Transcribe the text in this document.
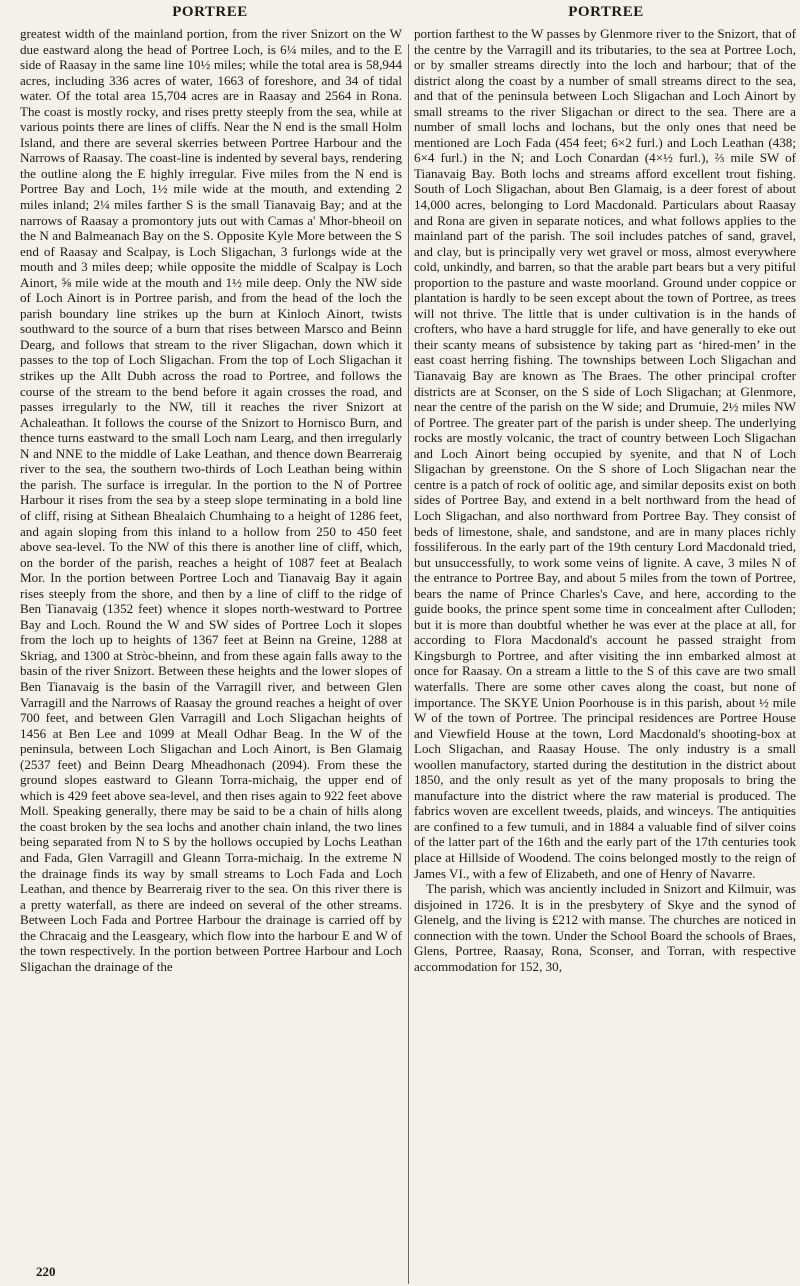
PORTREE	PORTREE

greatest width of the mainland portion, from the river Snizort on the W due eastward along the head of Portree Loch, is 6¼ miles, and to the E side of Raasay in the same line 10½ miles; while the total area is 58,944 acres, including 336 acres of water, 1663 of foreshore, and 34 of tidal water. Of the total area 15,704 acres are in Raasay and 2564 in Rona. The coast is mostly rocky, and rises pretty steeply from the sea, while at various points there are lines of cliffs. Near the N end is the small Holm Island, and there are several skerries between Portree Harbour and the Narrows of Raasay. The coast-line is indented by several bays, rendering the outline along the E highly irregular. Five miles from the N end is Portree Bay and Loch, 1½ mile wide at the mouth, and extending 2 miles inland; 2¼ miles farther S is the small Tianavaig Bay; and at the narrows of Raasay a promontory juts out with Camas a' Mhor-bheoil on the N and Balmeanach Bay on the S. Opposite Kyle More between the S end of Raasay and Scalpay, is Loch Sligachan, 3 furlongs wide at the mouth and 3 miles deep; while opposite the middle of Scalpay is Loch Ainort, ⅝ mile wide at the mouth and 1½ mile deep. Only the NW side of Loch Ainort is in Portree parish, and from the head of the loch the parish boundary line strikes up the burn at Kinloch Ainort, twists southward to the source of a burn that rises between Marsco and Beinn Dearg, and follows that stream to the river Sligachan, down which it passes to the top of Loch Sligachan. From the top of Loch Sligachan it strikes up the Allt Dubh across the road to Portree, and follows the course of the stream to the bend before it again crosses the road, and passes irregularly to the NW, till it reaches the river Snizort at Achaleathan. It follows the course of the Snizort to Hornisco Burn, and thence turns eastward to the small Loch nam Learg, and then irregularly N and NNE to the middle of Lake Leathan, and thence down Bearreraig river to the sea, the southern two-thirds of Loch Leathan being within the parish. The surface is irregular. In the portion to the N of Portree Harbour it rises from the sea by a steep slope terminating in a bold line of cliff, rising at Sithean Bhealaich Chumhaing to a height of 1286 feet, and again sloping from this inland to a hollow from 250 to 450 feet above sea-level. To the NW of this there is another line of cliff, which, on the border of the parish, reaches a height of 1087 feet at Bealach Mor. In the portion between Portree Loch and Tianavaig Bay it again rises steeply from the shore, and then by a line of cliff to the ridge of Ben Tianavaig (1352 feet) whence it slopes north-westward to Portree Bay and Loch. Round the W and SW sides of Portree Loch it slopes from the loch up to heights of 1367 feet at Beinn na Greine, 1288 at Skriag, and 1300 at Stròc-bheinn, and from these again falls away to the basin of the river Snizort. Between these heights and the lower slopes of Ben Tianavaig is the basin of the Varragill river, and between Glen Varragill and the Narrows of Raasay the ground reaches a height of over 700 feet, and between Glen Varragill and Loch Sligachan heights of 1456 at Ben Lee and 1099 at Meall Odhar Beag. In the W of the peninsula, between Loch Sligachan and Loch Ainort, is Ben Glamaig (2537 feet) and Beinn Dearg Mheadhonach (2094). From these the ground slopes eastward to Gleann Torra-michaig, the upper end of which is 429 feet above sea-level, and then rises again to 922 feet above Moll. Speaking generally, there may be said to be a chain of hills along the coast broken by the sea lochs and another chain inland, the two lines being separated from N to S by the hollows occupied by Lochs Leathan and Fada, Glen Varragill and Gleann Torra-michaig. In the extreme N the drainage finds its way by small streams to Loch Fada and Loch Leathan, and thence by Bearreraig river to the sea. On this river there is a pretty waterfall, as there are indeed on several of the other streams. Between Loch Fada and Portree Harbour the drainage is carried off by the Chracaig and the Leasgeary, which flow into the harbour E and W of the town respectively. In the portion between Portree Harbour and Loch Sligachan the drainage of the

portion farthest to the W passes by Glenmore river to the Snizort, that of the centre by the Varragill and its tributaries, to the sea at Portree Loch, or by smaller streams directly into the loch and harbour; that of the district along the coast by a number of small streams direct to the sea, and that of the peninsula between Loch Sligachan and Loch Ainort by small streams to the river Sligachan or direct to the sea. There are a number of small lochs and lochans, but the only ones that need be mentioned are Loch Fada (454 feet; 6×2 furl.) and Loch Leathan (438; 6×4 furl.) in the N; and Loch Conardan (4×½ furl.), ⅔ mile SW of Tianavaig Bay. Both lochs and streams afford excellent trout fishing. South of Loch Sligachan, about Ben Glamaig, is a deer forest of about 14,000 acres, belonging to Lord Macdonald. Particulars about Raasay and Rona are given in separate notices, and what follows applies to the mainland part of the parish. The soil includes patches of sand, gravel, and clay, but is principally very wet gravel or moss, almost everywhere cold, unkindly, and barren, so that the arable part bears but a very pitiful proportion to the pasture and waste moorland. Ground under coppice or plantation is hardly to be seen except about the town of Portree, as trees will not thrive. The little that is under cultivation is in the hands of crofters, who have a hard struggle for life, and have generally to eke out their scanty means of subsistence by taking part as ‘hired-men’ in the east coast herring fishing. The townships between Loch Sligachan and Tianavaig Bay are known as The Braes. The other principal crofter districts are at Sconser, on the S side of Loch Sligachan; at Glenmore, near the centre of the parish on the W side; and Drumuie, 2½ miles NW of Portree. The greater part of the parish is under sheep. The underlying rocks are mostly volcanic, the tract of country between Loch Sligachan and Loch Ainort being occupied by syenite, and that N of Loch Sligachan by greenstone. On the S shore of Loch Sligachan near the centre is a patch of rock of oolitic age, and similar deposits exist on both sides of Portree Bay, and extend in a belt northward from the head of Loch Sligachan, and also northward from Portree Bay. They consist of beds of limestone, shale, and sandstone, and are in many places richly fossiliferous. In the early part of the 19th century Lord Macdonald tried, but unsuccessfully, to work some veins of lignite. A cave, 3 miles N of the entrance to Portree Bay, and about 5 miles from the town of Portree, bears the name of Prince Charles's Cave, and here, according to the guide books, the prince spent some time in concealment after Culloden; but it is more than doubtful whether he was ever at the place at all, for according to Flora Macdonald's account he passed straight from Kingsburgh to Portree, and after visiting the inn embarked almost at once for Raasay. On a stream a little to the S of this cave are two small waterfalls. There are some other caves along the coast, but none of importance. The SKYE Union Poorhouse is in this parish, about ½ mile W of the town of Portree. The principal residences are Portree House and Viewfield House at the town, Lord Macdonald's shooting-box at Loch Sligachan, and Raasay House. The only industry is a small woollen manufactory, started during the destitution in the district about 1850, and the only result as yet of the many proposals to bring the manufacture into the district where the raw material is produced. The fabrics woven are excellent tweeds, plaids, and winceys. The antiquities are confined to a few tumuli, and in 1884 a valuable find of silver coins of the latter part of the 16th and the early part of the 17th centuries took place at Hillside of Woodend. The coins belonged mostly to the reign of James VI., with a few of Elizabeth, and one of Henry of Navarre.

The parish, which was anciently included in Snizort and Kilmuir, was disjoined in 1726. It is in the presbytery of Skye and the synod of Glenelg, and the living is £212 with manse. The churches are noticed in connection with the town. Under the School Board the schools of Braes, Glens, Portree, Raasay, Rona, Sconser, and Torran, with respective accommodation for 152, 30,

220
